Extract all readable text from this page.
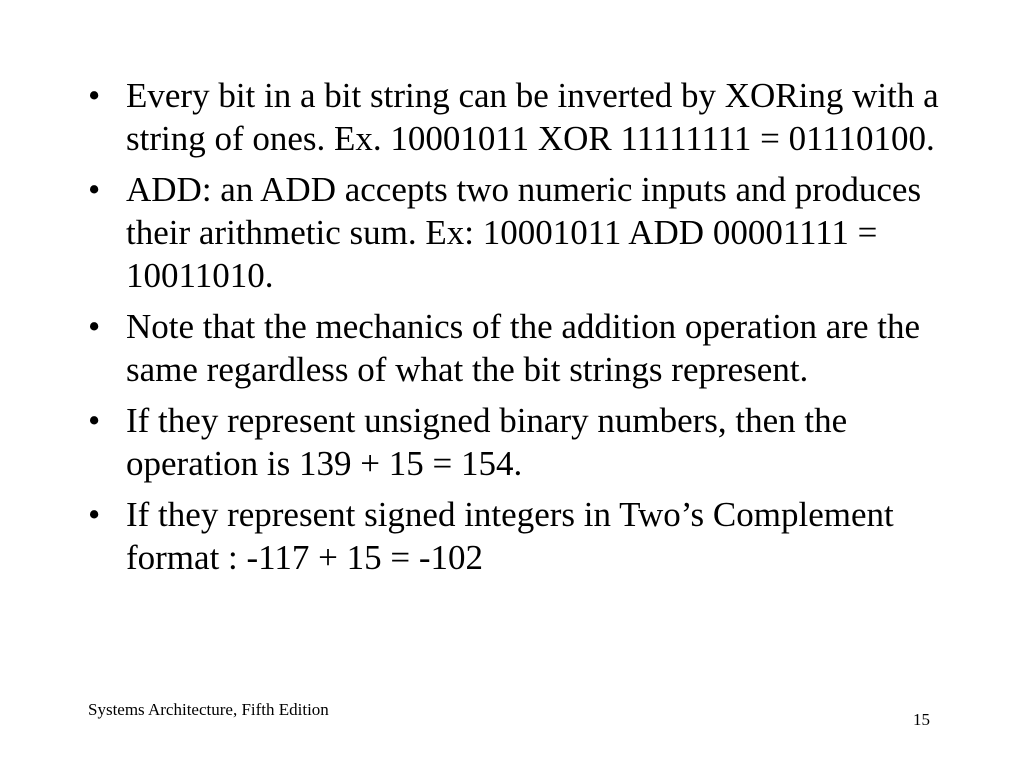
• Every bit in a bit string can be inverted by XORing with a string of ones. Ex. 10001011 XOR 11111111 = 01110100.
• ADD: an ADD accepts two numeric inputs and produces their arithmetic sum. Ex: 10001011 ADD 00001111 = 10011010.
• Note that the mechanics of the addition operation are the same regardless of what the bit strings represent.
• If they represent unsigned binary numbers, then the operation is 139 + 15 = 154.
• If they represent signed integers in Two’s Complement format : -117 + 15 = -102
Systems Architecture, Fifth Edition
15
